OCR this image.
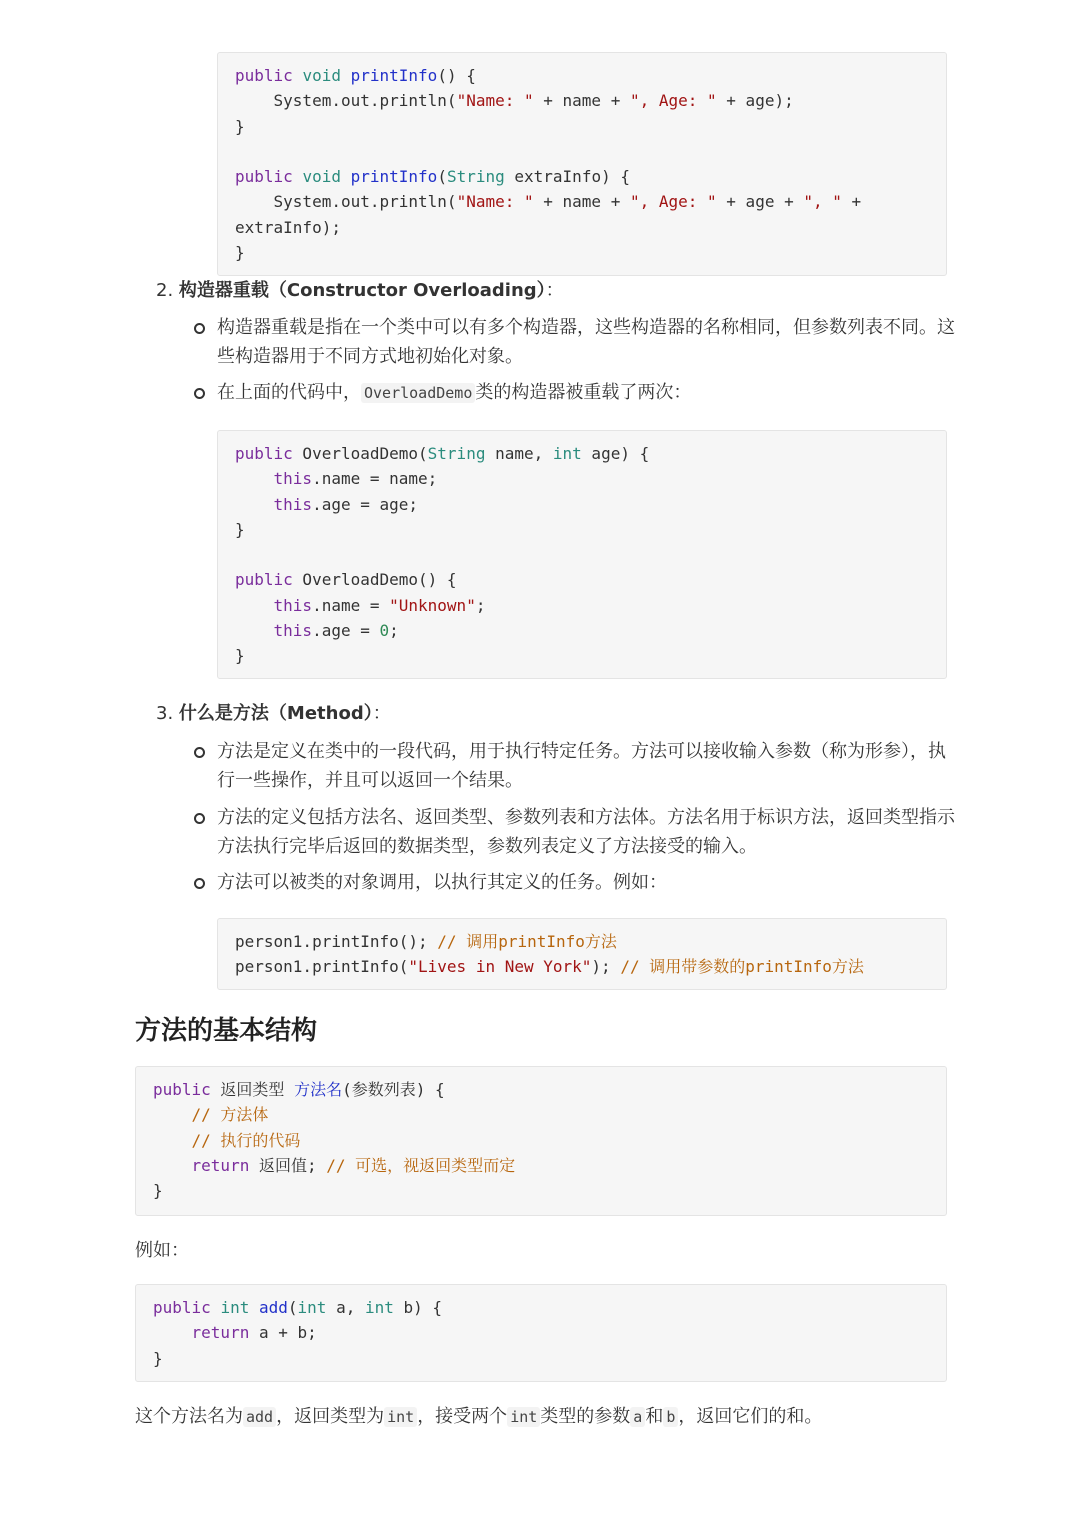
public void printInfo() {
System.out.println("Name: " + name + ", Age: " + age);
}

public void printInfo(String extraInfo) {
System.out.println("Name: " + name + ", Age: " + age + ", " +
extraInfo);
}
2. 构造器重载（Constructor Overloading）：
构造器重载是指在一个类中可以有多个构造器，这些构造器的名称相同，但参数列表不同。这
些构造器用于不同方式地初始化对象。
在上面的代码中， OverloadDemo 类的构造器被重载了两次：
public OverloadDemo(String name, int age) {
this.name = name;
this.age = age;
}

public OverloadDemo() {
this.name = "Unknown";
this.age = 0;
}
3. 什么是方法（Method）：
方法是定义在类中的一段代码，用于执行特定任务。方法可以接收输入参数（称为形参），执
行一些操作，并且可以返回一个结果。
方法的定义包括方法名、返回类型、参数列表和方法体。方法名用于标识方法，返回类型指示
方法执行完毕后返回的数据类型，参数列表定义了方法接受的输入。
方法可以被类的对象调用，以执行其定义的任务。例如：
person1.printInfo(); // 调用printInfo方法
person1.printInfo("Lives in New York"); // 调用带参数的printInfo方法
方法的基本结构
public 返回类型 方法名(参数列表) {
// 方法体
// 执行的代码
return 返回值; // 可选，视返回类型而定
}
例如：
public int add(int a, int b) {
return a + b;
}
这个方法名为 add ，返回类型为 int ，接受两个 int 类型的参数 a 和 b ，返回它们的和。
